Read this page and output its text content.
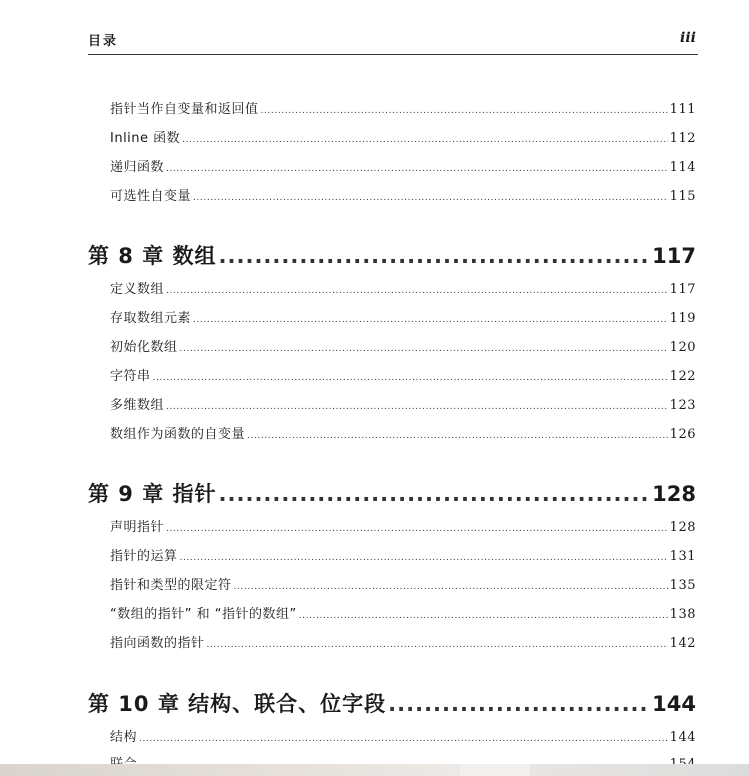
目录	iii
指针当作自变量和返回值 .....	111
Inline 函数 .....	112
递归函数 .....	114
可选性自变量 .....	115
第 8 章 数组 .....	117
定义数组 .....	117
存取数组元素 .....	119
初始化数组 .....	120
字符串 .....	122
多维数组 .....	123
数组作为函数的自变量 .....	126
第 9 章 指针 .....	128
声明指针 .....	128
指针的运算 .....	131
指针和类型的限定符 .....	135
“数组的指针” 和 “指针的数组” .....	138
指向函数的指针 .....	142
第 10 章 结构、联合、位字段 .....	144
结构 .....	144
.....
